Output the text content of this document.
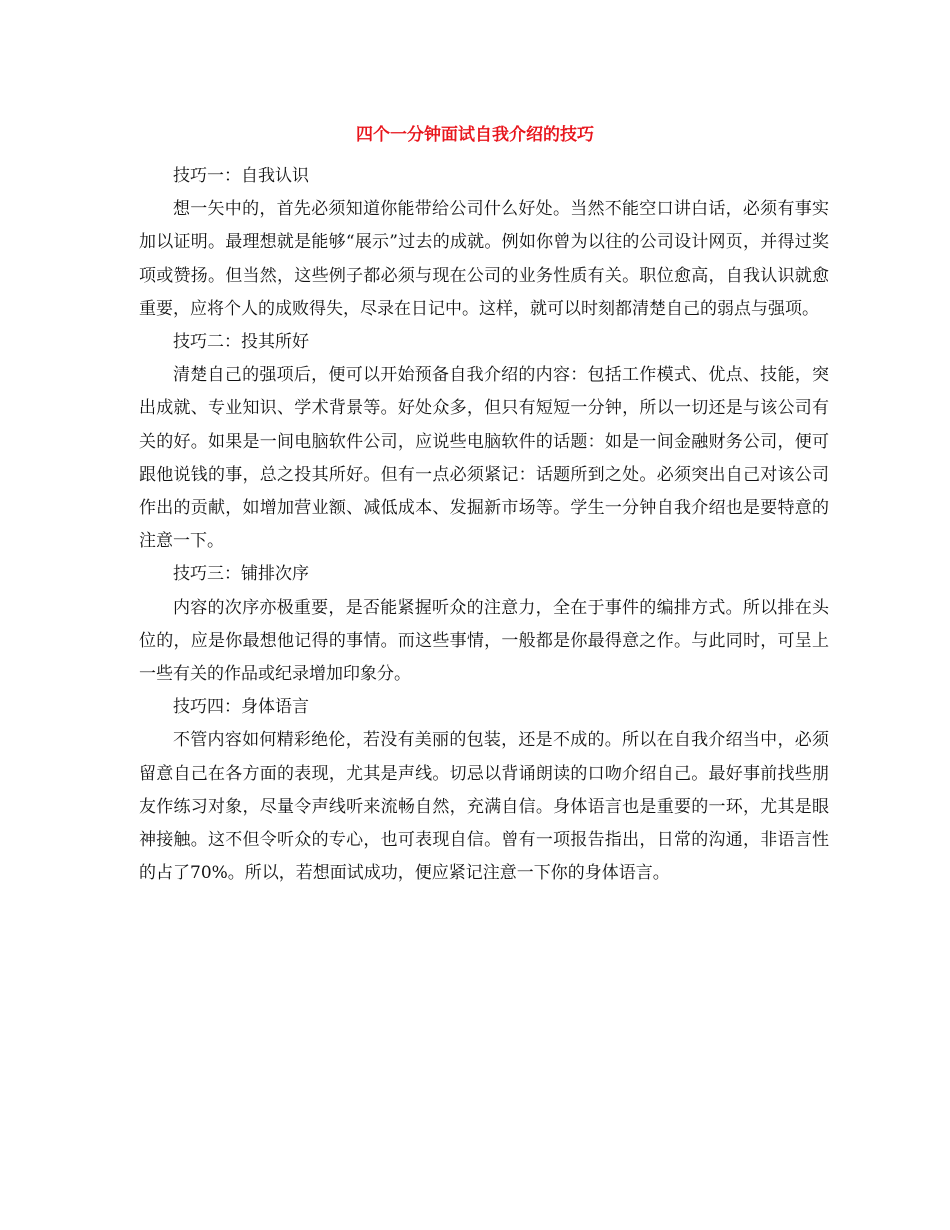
四个一分钟面试自我介绍的技巧

技巧一：自我认识

想一矢中的，首先必须知道你能带给公司什么好处。当然不能空口讲白话，必须有事实加以证明。最理想就是能够“展示”过去的成就。例如你曾为以往的公司设计网页，并得过奖项或赞扬。但当然，这些例子都必须与现在公司的业务性质有关。职位愈高，自我认识就愈重要，应将个人的成败得失，尽录在日记中。这样，就可以时刻都清楚自己的弱点与强项。

技巧二：投其所好

清楚自己的强项后，便可以开始预备自我介绍的内容：包括工作模式、优点、技能，突出成就、专业知识、学术背景等。好处众多，但只有短短一分钟，所以一切还是与该公司有关的好。如果是一间电脑软件公司，应说些电脑软件的话题：如是一间金融财务公司，便可跟他说钱的事，总之投其所好。但有一点必须紧记：话题所到之处。必须突出自己对该公司作出的贡献，如增加营业额、减低成本、发掘新市场等。学生一分钟自我介绍也是要特意的注意一下。

技巧三：铺排次序

内容的次序亦极重要，是否能紧握听众的注意力，全在于事件的编排方式。所以排在头位的，应是你最想他记得的事情。而这些事情，一般都是你最得意之作。与此同时，可呈上一些有关的作品或纪录增加印象分。

技巧四：身体语言

不管内容如何精彩绝伦，若没有美丽的包装，还是不成的。所以在自我介绍当中，必须留意自己在各方面的表现，尤其是声线。切忌以背诵朗读的口吻介绍自己。最好事前找些朋友作练习对象，尽量令声线听来流畅自然，充满自信。身体语言也是重要的一环，尤其是眼神接触。这不但令听众的专心，也可表现自信。曾有一项报告指出，日常的沟通，非语言性的占了70%。所以，若想面试成功，便应紧记注意一下你的身体语言。
